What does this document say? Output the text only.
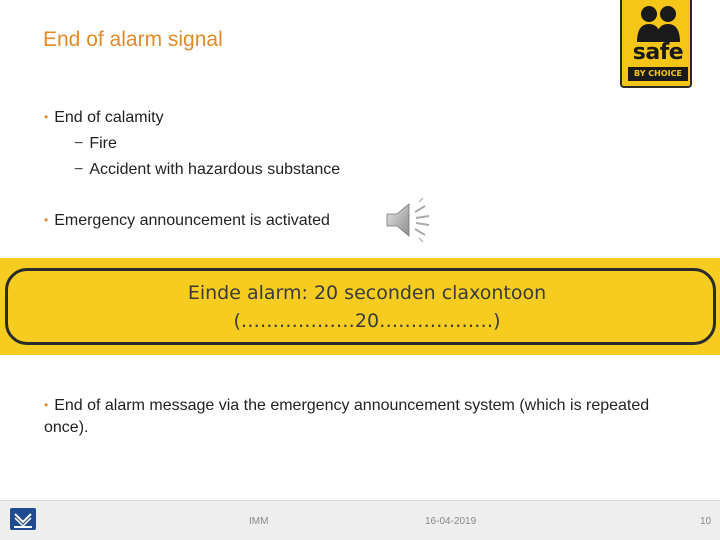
End of alarm signal
safe
BY CHOICE
• End of calamity
− Fire
− Accident with hazardous substance
• Emergency announcement is activated
Einde alarm: 20 seconden claxontoon
(………………20………………)
• End of alarm message via the emergency announcement system (which is repeated once).
IMM	16-04-2019	10
